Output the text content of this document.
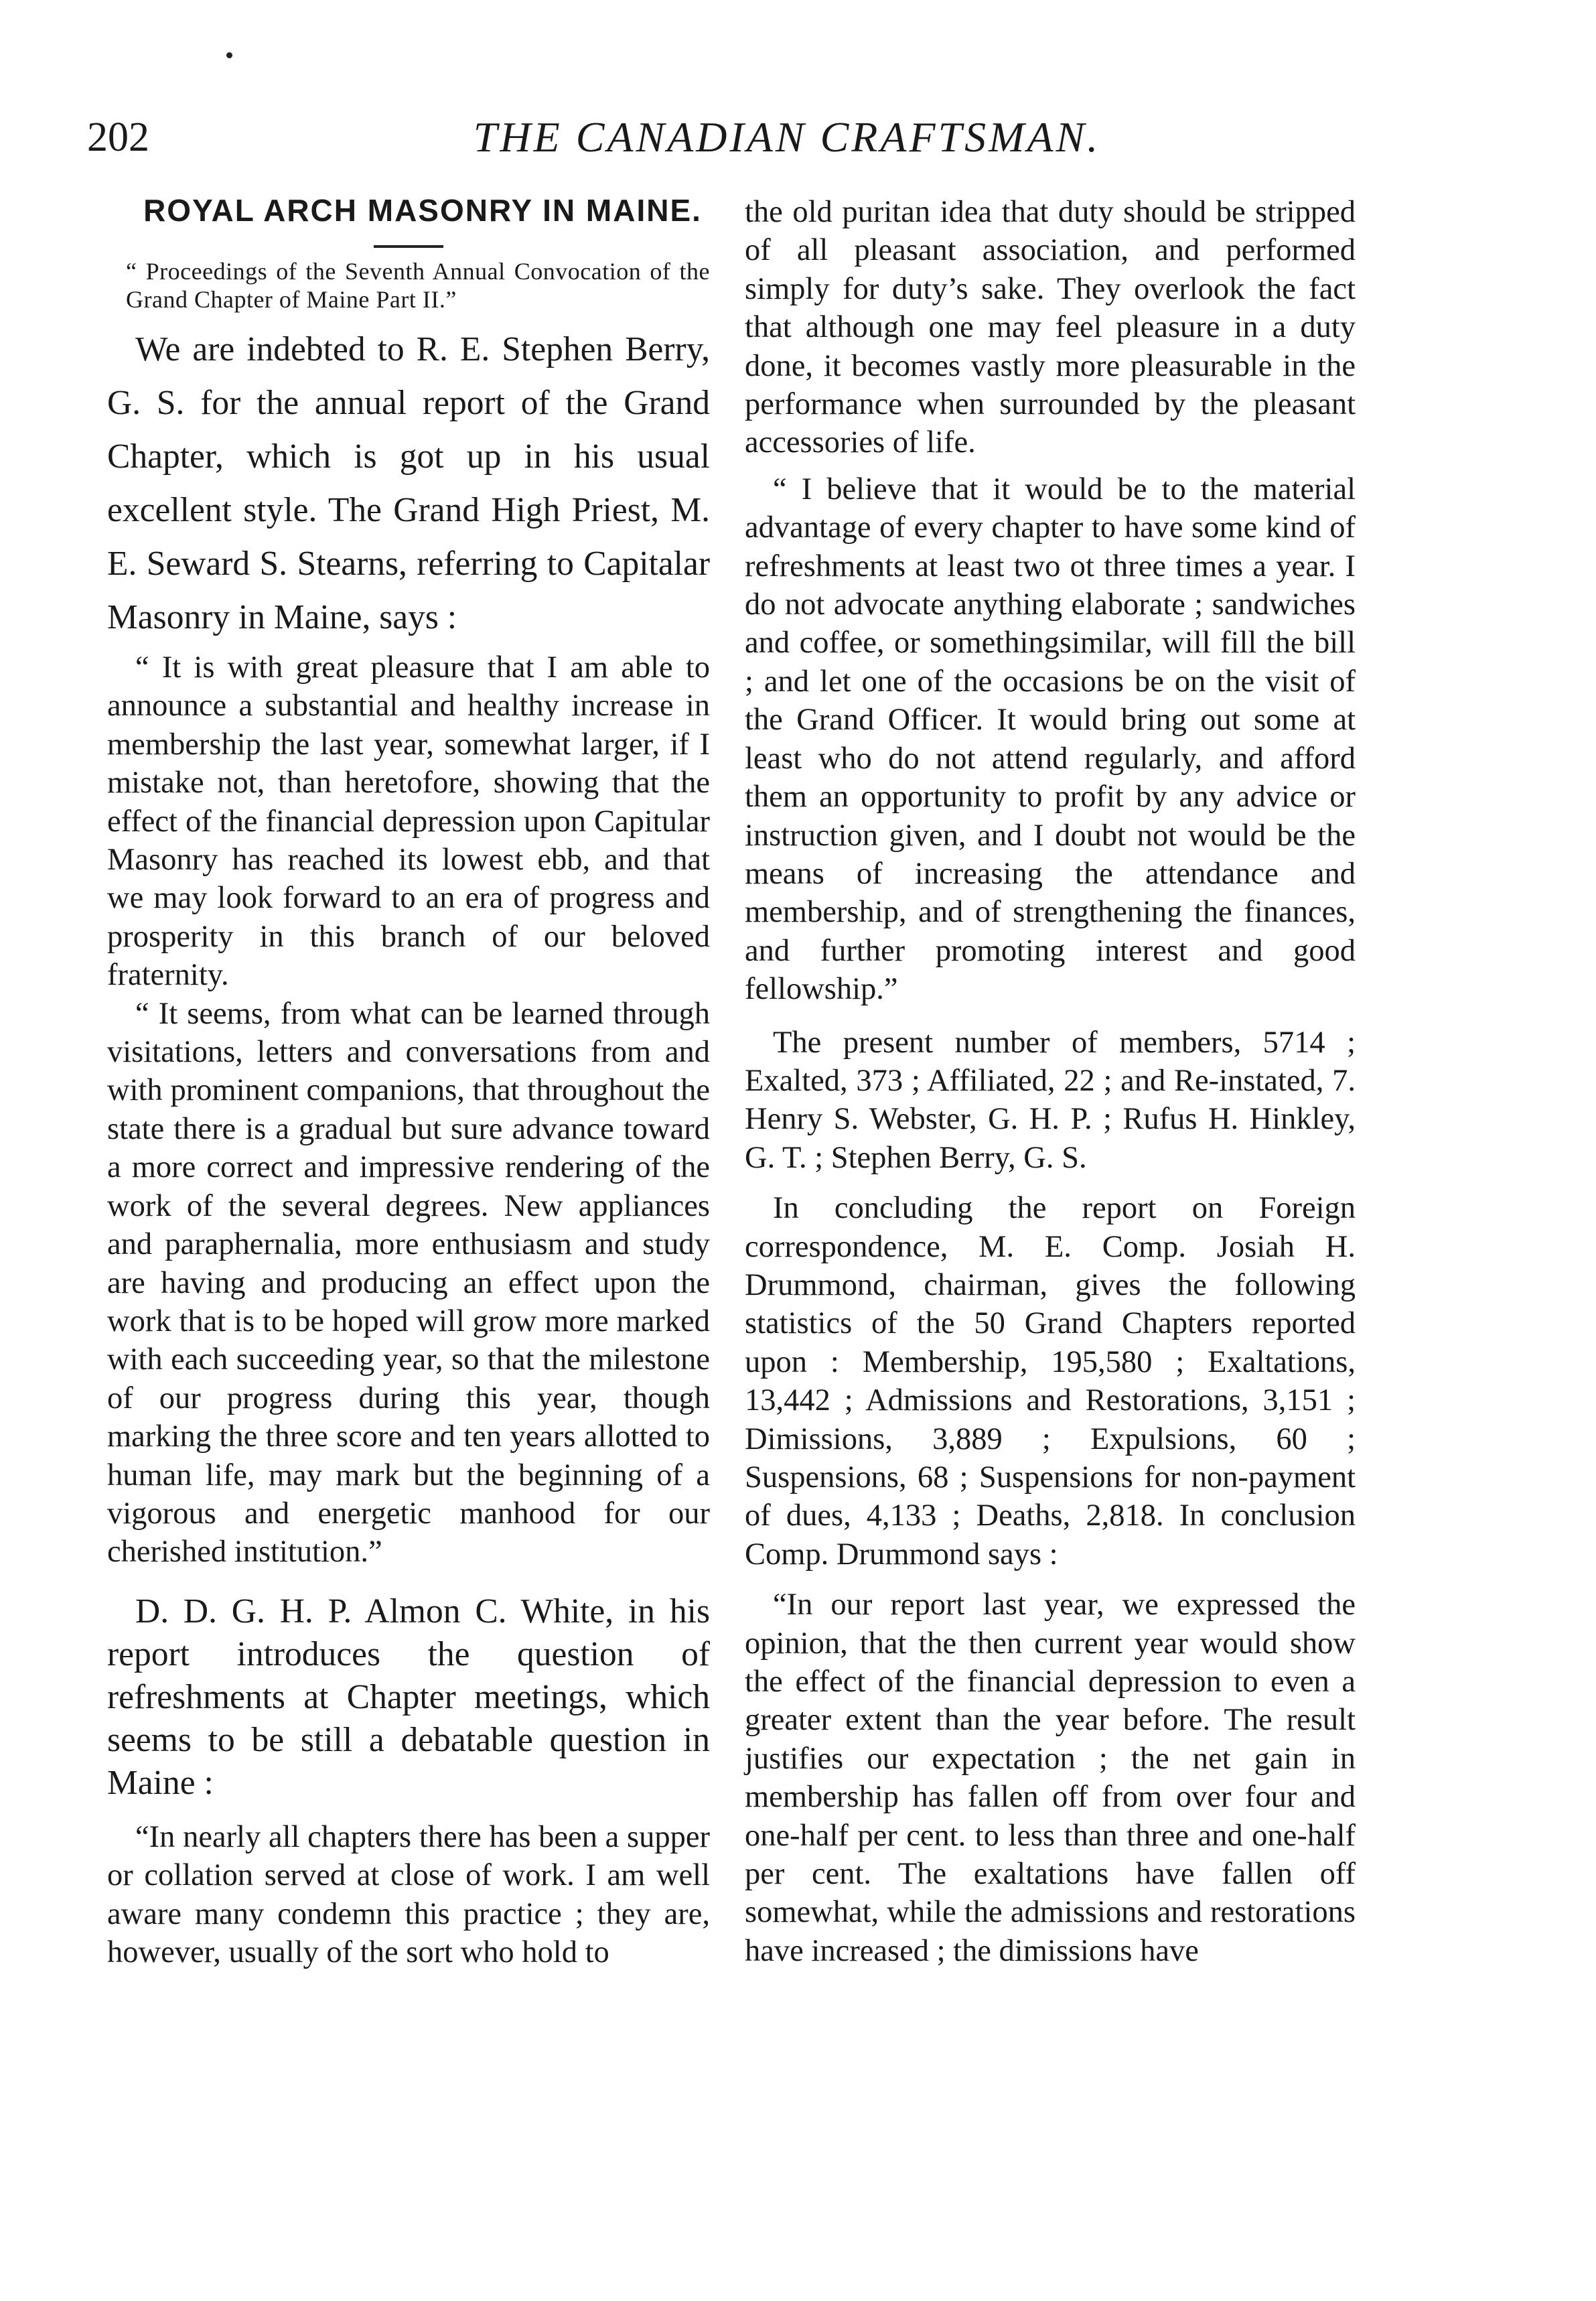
202	THE CANADIAN CRAFTSMAN.

ROYAL ARCH MASONRY IN MAINE.

“ Proceedings of the Seventh Annual Convocation of the Grand Chapter of Maine Part II.”

We are indebted to R. E. Stephen Berry, G. S. for the annual report of the Grand Chapter, which is got up in his usual excellent style. The Grand High Priest, M. E. Seward S. Stearns, referring to Capitalar Masonry in Maine, says :

“ It is with great pleasure that I am able to announce a substantial and healthy increase in membership the last year, somewhat larger, if I mistake not, than heretofore, showing that the effect of the financial depression upon Capitular Masonry has reached its lowest ebb, and that we may look forward to an era of progress and prosperity in this branch of our beloved fraternity.

“ It seems, from what can be learned through visitations, letters and conversations from and with prominent companions, that throughout the state there is a gradual but sure advance toward a more correct and impressive rendering of the work of the several degrees. New appliances and paraphernalia, more enthusiasm and study are having and producing an effect upon the work that is to be hoped will grow more marked with each succeeding year, so that the milestone of our progress during this year, though marking the three score and ten years allotted to human life, may mark but the beginning of a vigorous and energetic manhood for our cherished institution.”

D. D. G. H. P. Almon C. White, in his report introduces the question of refreshments at Chapter meetings, which seems to be still a debatable question in Maine :

“In nearly all chapters there has been a supper or collation served at close of work. I am well aware many condemn this practice ; they are, however, usually of the sort who hold to

the old puritan idea that duty should be stripped of all pleasant association, and performed simply for duty’s sake. They overlook the fact that although one may feel pleasure in a duty done, it becomes vastly more pleasurable in the performance when surrounded by the pleasant accessories of life.

“ I believe that it would be to the material advantage of every chapter to have some kind of refreshments at least two ot three times a year. I do not advocate anything elaborate ; sandwiches and coffee, or somethingsimilar, will fill the bill ; and let one of the occasions be on the visit of the Grand Officer. It would bring out some at least who do not attend regularly, and afford them an opportunity to profit by any advice or instruction given, and I doubt not would be the means of increasing the attendance and membership, and of strengthening the finances, and further promoting interest and good fellowship.”

The present number of members, 5714 ; Exalted, 373 ; Affiliated, 22 ; and Re-instated, 7. Henry S. Webster, G. H. P. ; Rufus H. Hinkley, G. T. ; Stephen Berry, G. S.

In concluding the report on Foreign correspondence, M. E. Comp. Josiah H. Drummond, chairman, gives the following statistics of the 50 Grand Chapters reported upon : Membership, 195,580 ; Exaltations, 13,442 ; Admissions and Restorations, 3,151 ; Dimissions, 3,889 ; Expulsions, 60 ; Suspensions, 68 ; Suspensions for non-payment of dues, 4,133 ; Deaths, 2,818. In conclusion Comp. Drummond says :

“In our report last year, we expressed the opinion, that the then current year would show the effect of the financial depression to even a greater extent than the year before. The result justifies our expectation ; the net gain in membership has fallen off from over four and one-half per cent. to less than three and one-half per cent. The exaltations have fallen off somewhat, while the admissions and restorations have increased ; the dimissions have
